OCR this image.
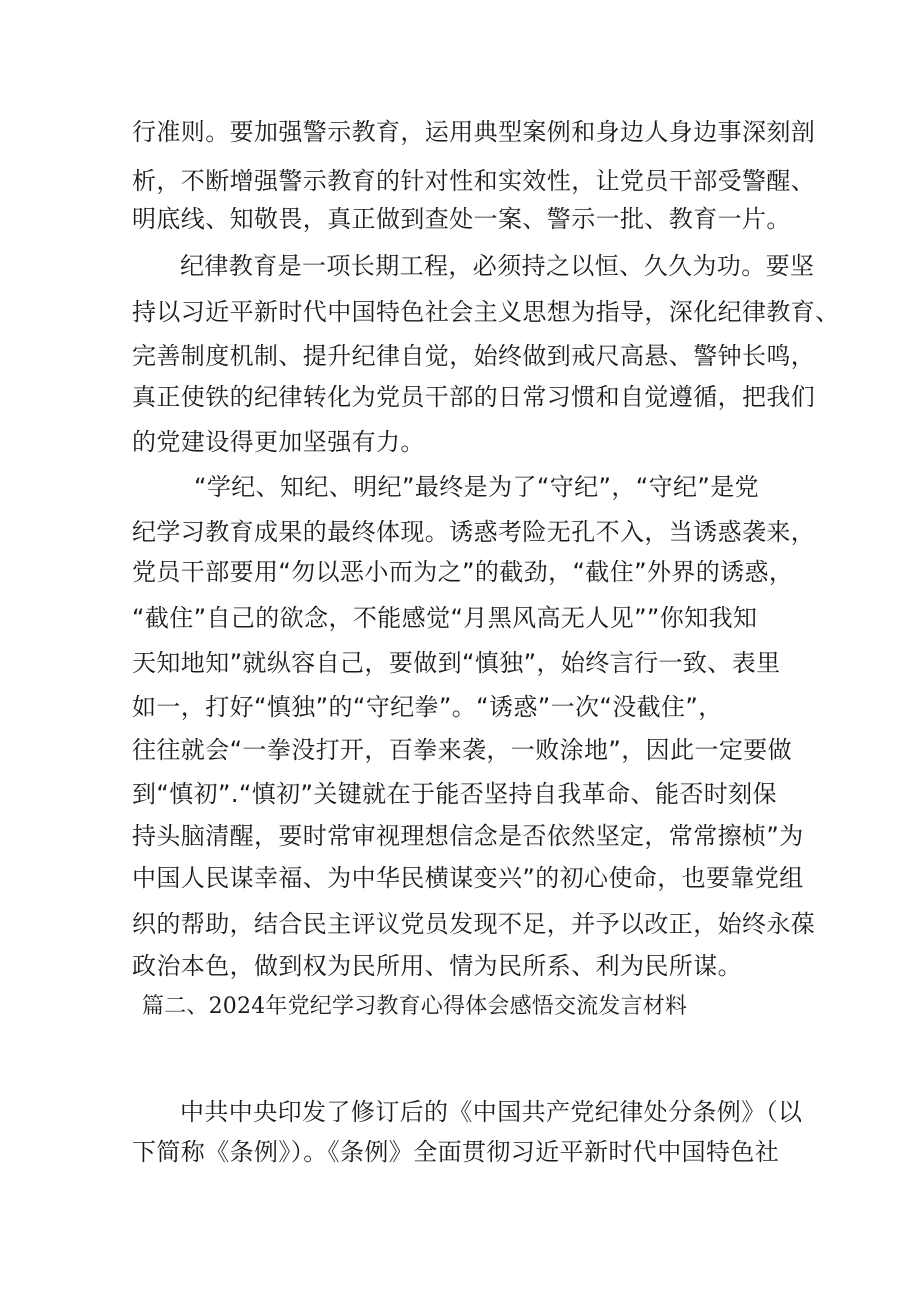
行准则。要加强警示教育，运用典型案例和身边人身边事深刻剖
析，不断增强警示教育的针对性和实效性，让党员干部受警醒、
明底线、知敬畏，真正做到查处一案、警示一批、教育一片。
纪律教育是一项长期工程，必须持之以恒、久久为功。要坚
持以习近平新时代中国特色社会主义思想为指导，深化纪律教育、
完善制度机制、提升纪律自觉，始终做到戒尺高悬、警钟长鸣，
真正使铁的纪律转化为党员干部的日常习惯和自觉遵循，把我们
的党建设得更加坚强有力。
“学纪、知纪、明纪”最终是为了“守纪”，“守纪”是党
纪学习教育成果的最终体现。诱惑考险无孔不入，当诱惑袭来，
党员干部要用“勿以恶小而为之”的截劲，“截住”外界的诱惑，
“截住”自己的欲念，不能感觉“月黑风高无人见””你知我知
天知地知”就纵容自己，要做到“慎独”，始终言行一致、表里
如一，打好“慎独”的“守纪拳”。“诱惑”一次“没截住”，
往往就会“一拳没打开，百拳来袭，一败涂地”，因此一定要做
到“慎初”.“慎初”关键就在于能否坚持自我革命、能否时刻保
持头脑清醒，要时常审视理想信念是否依然坚定，常常擦桢”为
中国人民谋幸福、为中华民横谋变兴”的初心使命，也要靠党组
织的帮助，结合民主评议党员发现不足，并予以改正，始终永葆
政治本色，做到权为民所用、情为民所系、利为民所谋。
篇二、2024年党纪学习教育心得体会感悟交流发言材料
中共中央印发了修订后的《中国共产党纪律处分条例》（以
下简称《条例》）。《条例》全面贯彻习近平新时代中国特色社
